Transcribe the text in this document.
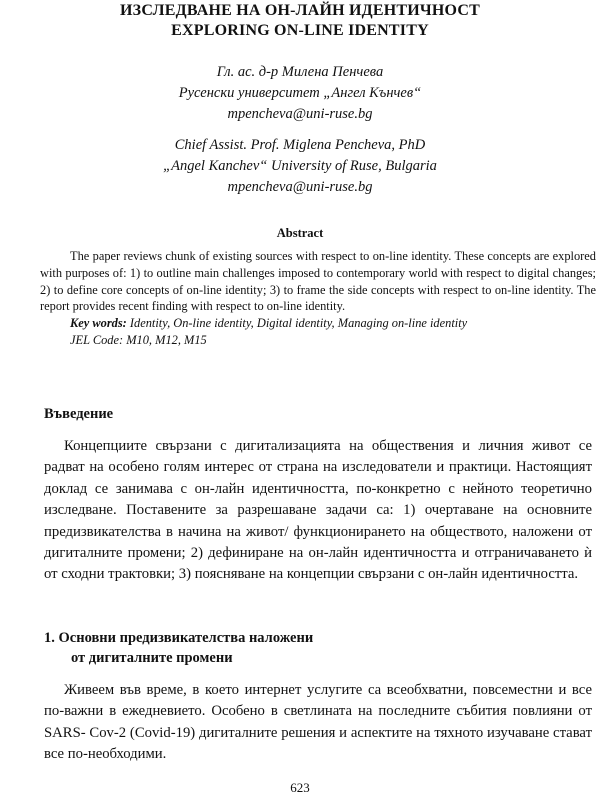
ИЗСЛЕДВАНЕ НА ОН-ЛАЙН ИДЕНТИЧНОСТ
EXPLORING ON-LINE IDENTITY
Гл. ас. д-р Милена Пенчева
Русенски университет „Ангел Кънчев“
mpencheva@uni-ruse.bg
Chief Assist. Prof. Miglena Pencheva, PhD
„Angel Kanchev“ University of Ruse, Bulgaria
mpencheva@uni-ruse.bg
Abstract

The paper reviews chunk of existing sources with respect to on-line identity. These concepts are explored with purposes of: 1) to outline main challenges imposed to contemporary world with respect to digital changes; 2) to define core concepts of on-line identity; 3) to frame the side concepts with respect to on-line identity. The report provides recent finding with respect to on-line identity.

Key words: Identity, On-line identity, Digital identity, Managing on-line identity

JEL Code: M10, M12, M15

Въведение

Концепциите свързани с дигитализацията на обществения и личния живот се радват на особено голям интерес от страна на изследователи и практици. Настоящият доклад се занимава с он-лайн идентичността, по-конкретно с нейното теоретично изследване. Поставените за разрешаване задачи са: 1) очертаване на основните предизвикателства в начина на живот/ функционирането на обществото, наложени от дигиталните промени; 2) дефиниране на он-лайн идентичността и отграничаването ѝ от сходни трактовки; 3) поясняване на концепции свързани с он-лайн идентичността.

1. Основни предизвикателства наложени
от дигиталните промени

Живеем във време, в което интернет услугите са всеобхватни, повсеместни и все по-важни в ежедневието. Особено в светлината на последните събития повлияни от SARS- Cov-2 (Covid-19) дигиталните решения и аспектите на тяхното изучаване стават все по-необходими.

623
